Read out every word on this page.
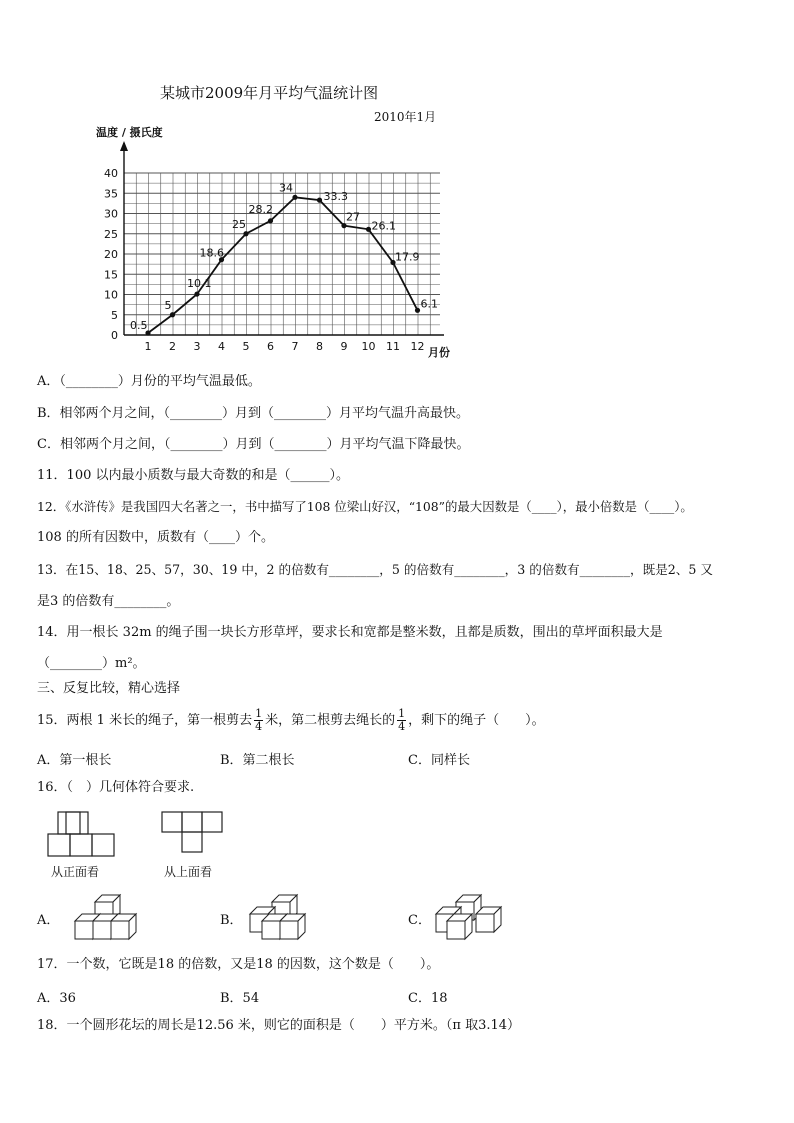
某城市2009年月平均气温统计图
2010年1月
温度 / 摄氏度
月份
0
5
10
15
20
25
30
35
40
1 2 3 4 5 6 7 8 9 10 11 12
0.5
5
10.1
18.6
25
28.2
34
33.3
27
26.1
17.9
6.1
A．（________）月份的平均气温最低。
B．相邻两个月之间，（________）月到（________）月平均气温升高最快。
C．相邻两个月之间，（________）月到（________）月平均气温下降最快。
11．100 以内最小质数与最大奇数的和是（______）。
12．《水浒传》是我国四大名著之一，书中描写了108 位梁山好汉，“108”的最大因数是（____），最小倍数是（____）。
108 的所有因数中，质数有（____）个。
13．在15、18、25、57，30、19 中，2 的倍数有________，5 的倍数有________，3 的倍数有________，既是2、5 又
是3 的倍数有________。
14．用一根长 32m 的绳子围一块长方形草坪，要求长和宽都是整米数，且都是质数，围出的草坪面积最大是
（________）m²。
三、反复比较，精心选择
15．两根 1 米长的绳子，第一根剪去 $\frac{1}{4}$ 米，第二根剪去绳长的 $\frac{1}{4}$ ，剩下的绳子（　　）。
A．第一根长	B．第二根长	C．同样长
16．（　）几何体符合要求.
从正面看	从上面看
A．	B．	C．
17．一个数，它既是18 的倍数，又是18 的因数，这个数是（　　）。
A．36	B．54	C．18
18．一个圆形花坛的周长是12.56 米，则它的面积是（　　）平方米。（π 取3.14）
